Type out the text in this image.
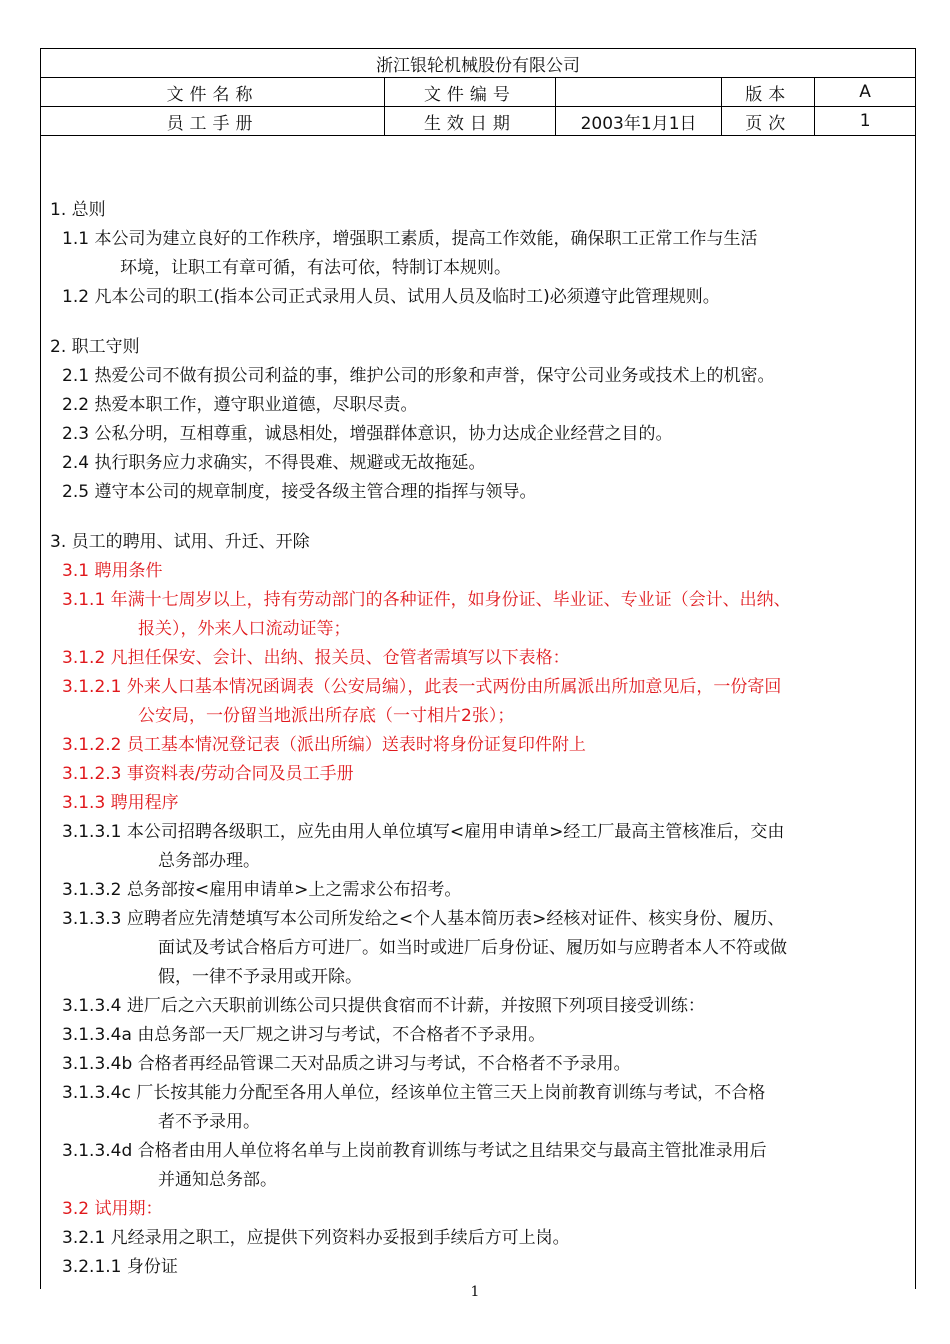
浙江银轮机械股份有限公司				
文件名称	文件编号		版本	A
员工手册	生效日期	2003年1月1日	页次	1
1. 总则
1.1 本公司为建立良好的工作秩序，增强职工素质，提高工作效能，确保职工正常工作与生活
环境，让职工有章可循，有法可依，特制订本规则。
1.2 凡本公司的职工(指本公司正式录用人员、试用人员及临时工)必须遵守此管理规则。
2. 职工守则
2.1 热爱公司不做有损公司利益的事，维护公司的形象和声誉，保守公司业务或技术上的机密。
2.2 热爱本职工作，遵守职业道德，尽职尽责。
2.3 公私分明，互相尊重，诚恳相处，增强群体意识，协力达成企业经营之目的。
2.4 执行职务应力求确实，不得畏难、规避或无故拖延。
2.5 遵守本公司的规章制度，接受各级主管合理的指挥与领导。
3. 员工的聘用、试用、升迁、开除
3.1 聘用条件
3.1.1 年满十七周岁以上，持有劳动部门的各种证件，如身份证、毕业证、专业证（会计、出纳、
报关），外来人口流动证等；
3.1.2 凡担任保安、会计、出纳、报关员、仓管者需填写以下表格：
3.1.2.1 外来人口基本情况函调表（公安局编），此表一式两份由所属派出所加意见后，一份寄回
公安局，一份留当地派出所存底（一寸相片2张）；
3.1.2.2 员工基本情况登记表（派出所编）送表时将身份证复印件附上
3.1.2.3 事资料表/劳动合同及员工手册
3.1.3 聘用程序
3.1.3.1 本公司招聘各级职工，应先由用人单位填写<雇用申请单>经工厂最高主管核准后，交由
总务部办理。
3.1.3.2 总务部按<雇用申请单>上之需求公布招考。
3.1.3.3 应聘者应先清楚填写本公司所发给之<个人基本简历表>经核对证件、核实身份、履历、
面试及考试合格后方可进厂。如当时或进厂后身份证、履历如与应聘者本人不符或做
假，一律不予录用或开除。
3.1.3.4 进厂后之六天职前训练公司只提供食宿而不计薪，并按照下列项目接受训练：
3.1.3.4a 由总务部一天厂规之讲习与考试，不合格者不予录用。
3.1.3.4b 合格者再经品管课二天对品质之讲习与考试，不合格者不予录用。
3.1.3.4c 厂长按其能力分配至各用人单位，经该单位主管三天上岗前教育训练与考试，不合格
者不予录用。
3.1.3.4d 合格者由用人单位将名单与上岗前教育训练与考试之且结果交与最高主管批准录用后
并通知总务部。
3.2 试用期：
3.2.1 凡经录用之职工，应提供下列资料办妥报到手续后方可上岗。
3.2.1.1 身份证
1
